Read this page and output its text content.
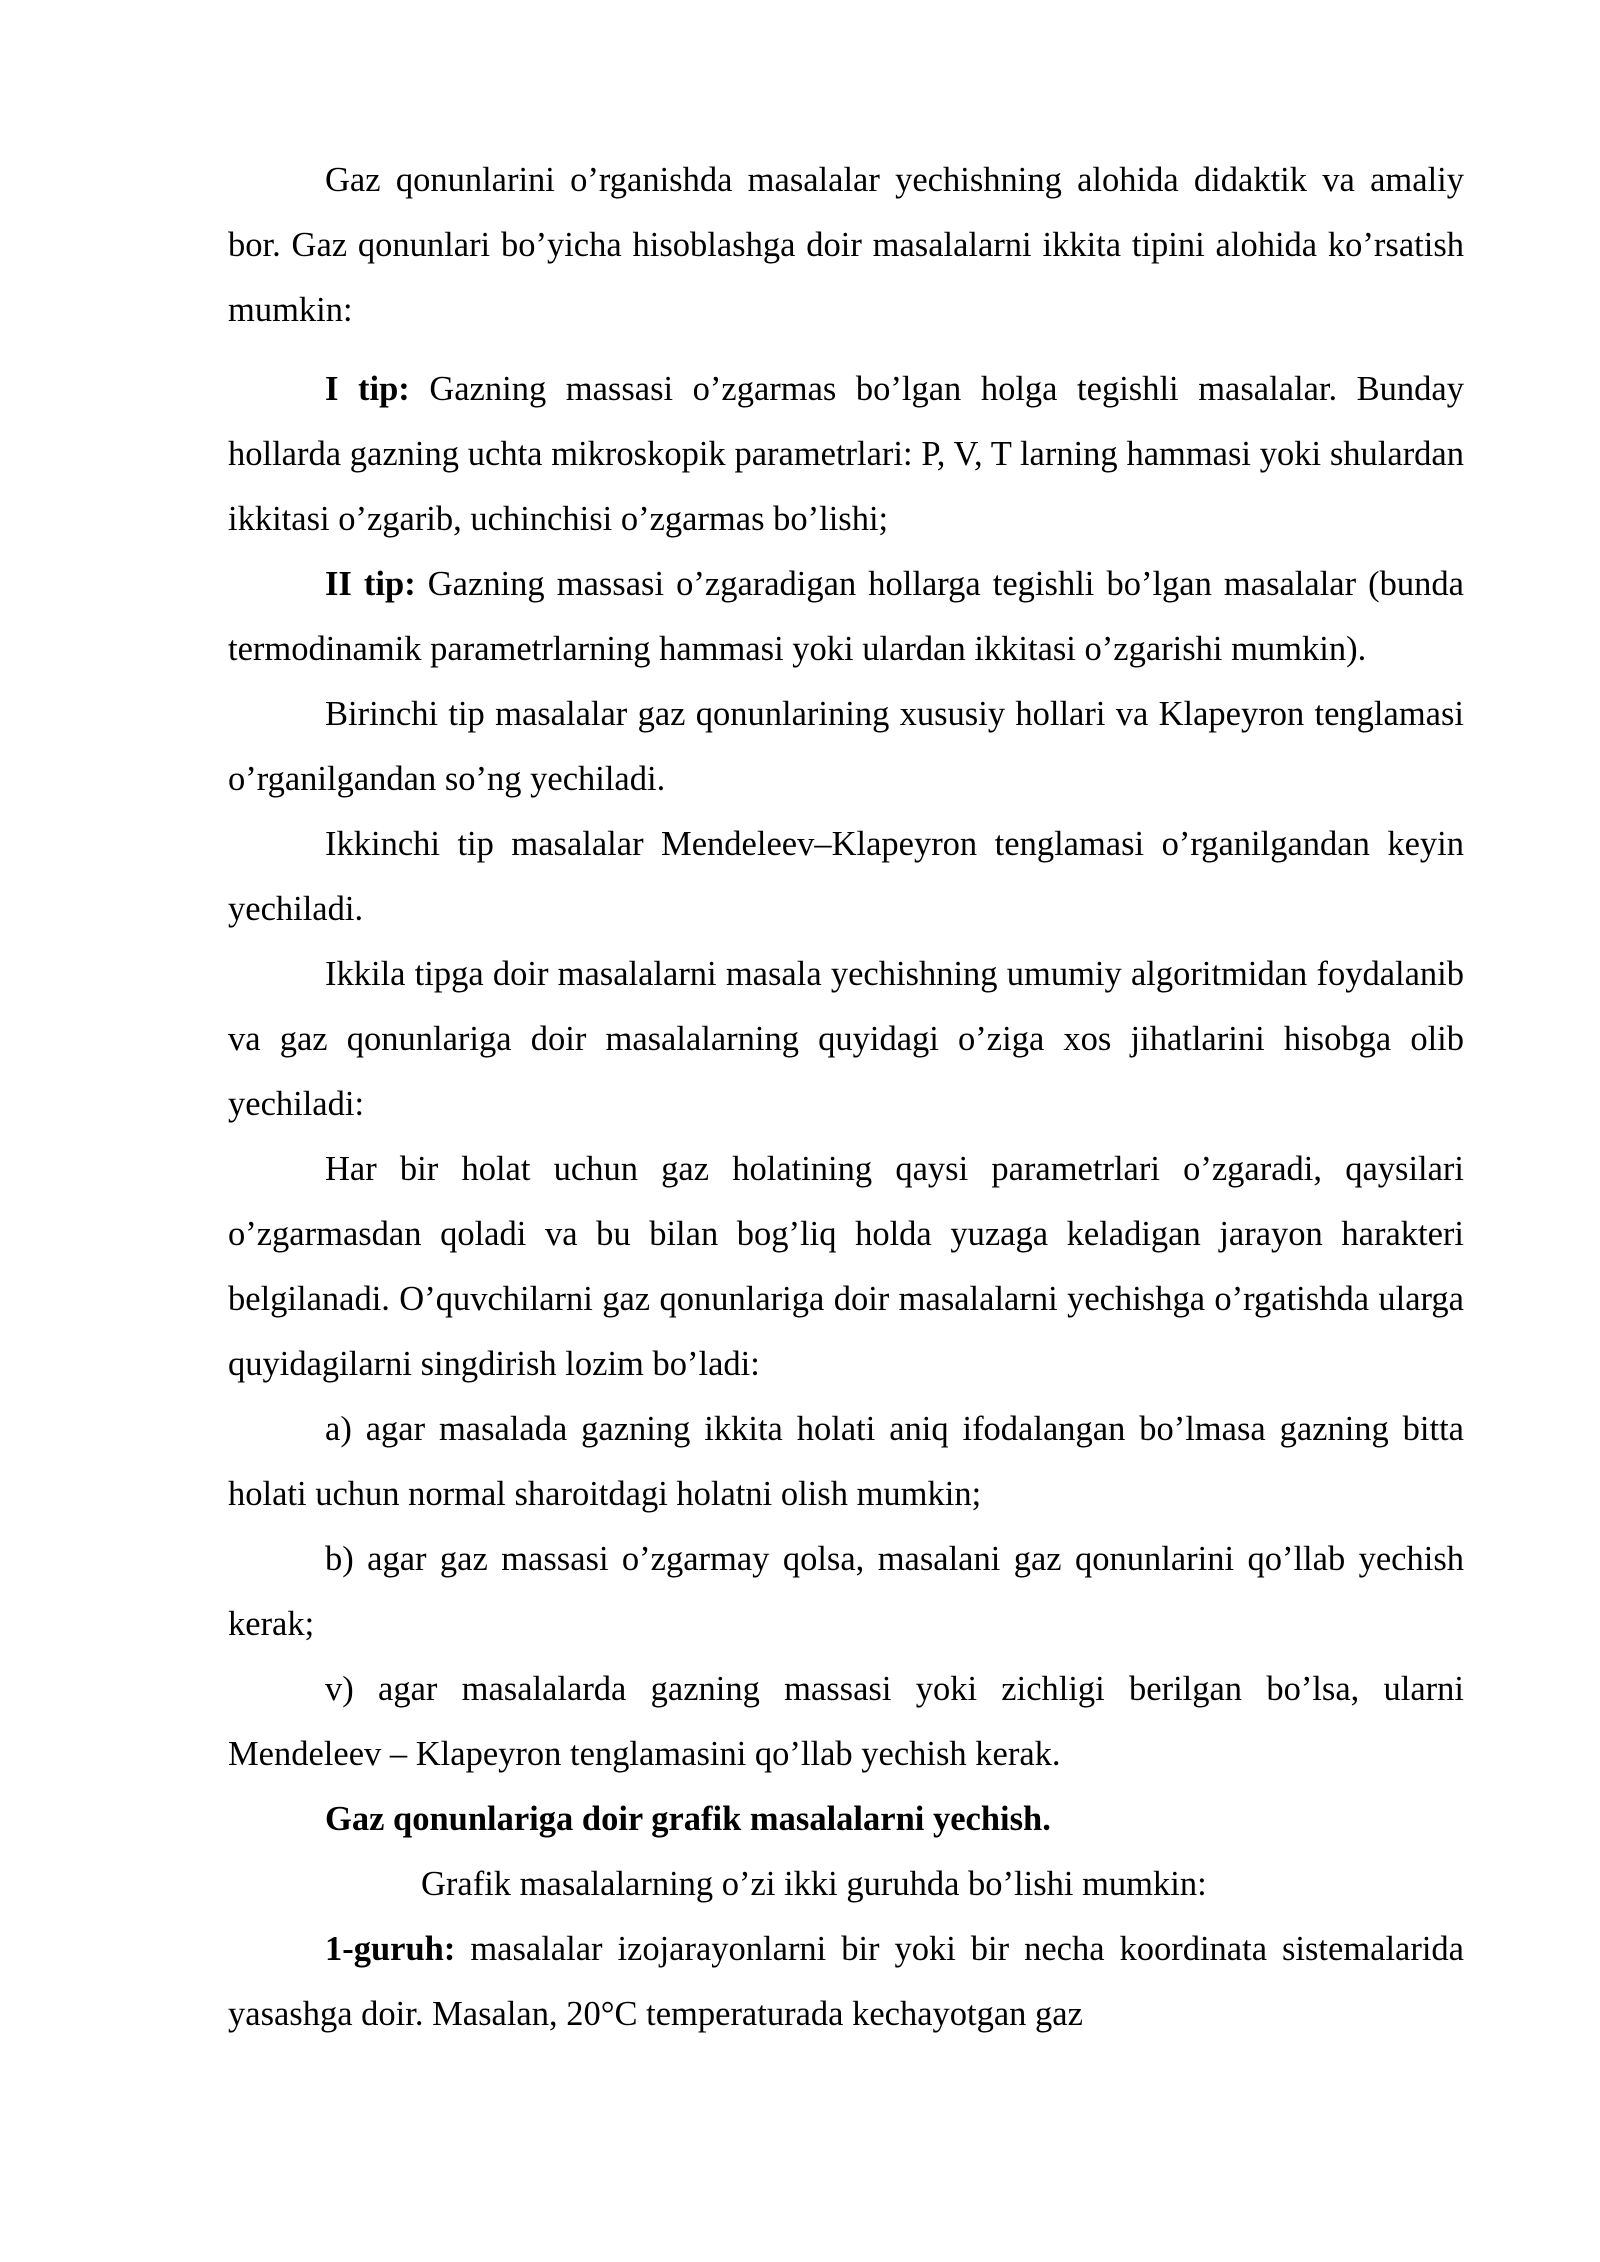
Gaz qonunlarini o’rganishda masalalar yechishning alohida didaktik va amaliy bor. Gaz qonunlari bo’yicha hisoblashga doir masalalarni ikkita tipini alohida ko’rsatish mumkin:

I tip: Gazning massasi o’zgarmas bo’lgan holga tegishli masalalar. Bunday hollarda gazning uchta mikroskopik parametrlari: P, V, T larning hammasi yoki shulardan ikkitasi o’zgarib, uchinchisi o’zgarmas bo’lishi;

II tip: Gazning massasi o’zgaradigan hollarga tegishli bo’lgan masalalar (bunda termodinamik parametrlarning hammasi yoki ulardan ikkitasi o’zgarishi mumkin).

Birinchi tip masalalar gaz qonunlarining xususiy hollari va Klapeyron tenglamasi o’rganilgandan so’ng yechiladi.

Ikkinchi tip masalalar Mendeleev–Klapeyron tenglamasi o’rganilgandan keyin yechiladi.

Ikkila tipga doir masalalarni masala yechishning umumiy algoritmidan foydalanib va gaz qonunlariga doir masalalarning quyidagi o’ziga xos jihatlarini hisobga olib yechiladi:

Har bir holat uchun gaz holatining qaysi parametrlari o’zgaradi, qaysilari o’zgarmasdan qoladi va bu bilan bog’liq holda yuzaga keladigan jarayon harakteri belgilanadi. O’quvchilarni gaz qonunlariga doir masalalarni yechishga o’rgatishda ularga quyidagilarni singdirish lozim bo’ladi:

a) agar masalada gazning ikkita holati aniq ifodalangan bo’lmasa gazning bitta holati uchun normal sharoitdagi holatni olish mumkin;

b) agar gaz massasi o’zgarmay qolsa, masalani gaz qonunlarini qo’llab yechish kerak;

v) agar masalalarda gazning massasi yoki zichligi berilgan bo’lsa, ularni Mendeleev – Klapeyron tenglamasini qo’llab yechish kerak.

Gaz qonunlariga doir grafik masalalarni yechish.

Grafik masalalarning o’zi ikki guruhda bo’lishi mumkin:

1-guruh: masalalar izojarayonlarni bir yoki bir necha koordinata sistemalarida yasashga doir. Masalan, 20°C temperaturada kechayotgan gaz
